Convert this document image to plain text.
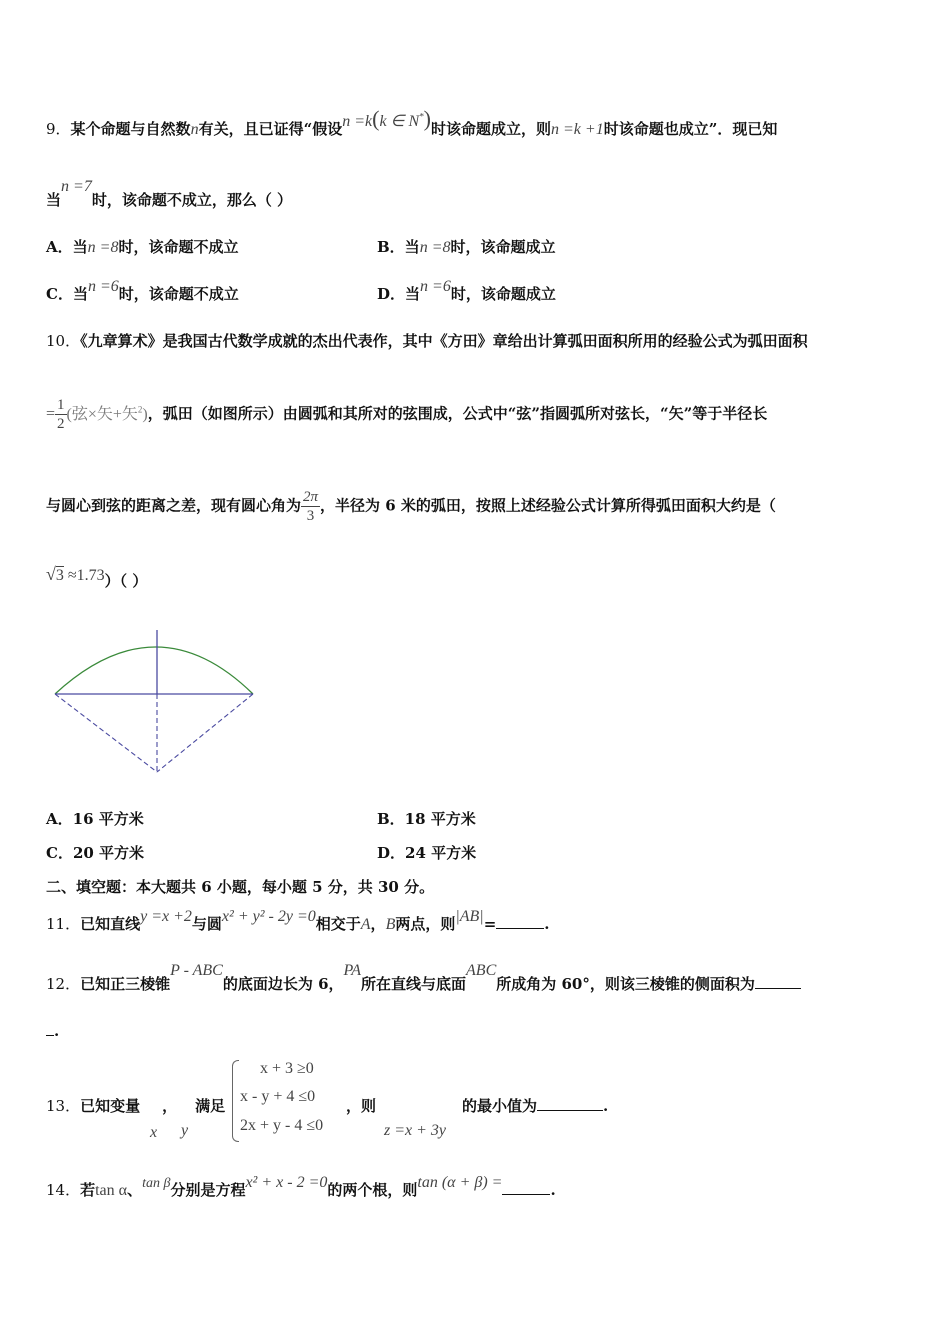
9．某个命题与自然数n有关，且已证得“假设n =k(k ∈ N*)时该命题成立，则n =k +1时该命题也成立”．现已知
当n =7时，该命题不成立，那么（ ）
A．当n =8时，该命题不成立	B．当n =8时，该命题成立
C．当n =6时，该命题不成立	D．当n =6时，该命题成立
10．《九章算术》是我国古代数学成就的杰出代表作，其中《方田》章给出计算弧田面积所用的经验公式为弧田面积
= $\frac{1}{2}$ (弦×矢+矢$^2$)，弧田（如图所示）由圆弧和其所对的弦围成，公式中“弦”指圆弧所对弦长，“矢”等于半径长
与圆心到弦的距离之差，现有圆心角为 $\frac{2\pi}{3}$ ，半径为 6 米的弧田，按照上述经验公式计算所得弧田面积大约是（
√3 ≈1.73）（ ）
A．16 平方米	B．18 平方米
C．20 平方米	D．24 平方米
二、填空题：本大题共 6 小题，每小题 5 分，共 30 分。
11．已知直线y =x +2与圆x² + y² - 2y =0相交于A，B两点，则|AB|=	.
12．已知正三棱锥P - ABC的底面边长为 6，PA所在直线与底面ABC所成角为 60°，则该三棱锥的侧面积为
.
13．已知变量 ， 满足
x y
x + 3 ≥0
x - y + 4 ≤0
2x + y - 4 ≤0
，则
z =x + 3y
的最小值为	.
14．若tan α、tan β分别是方程x² + x - 2 =0的两个根，则tan (α + β) =	.
